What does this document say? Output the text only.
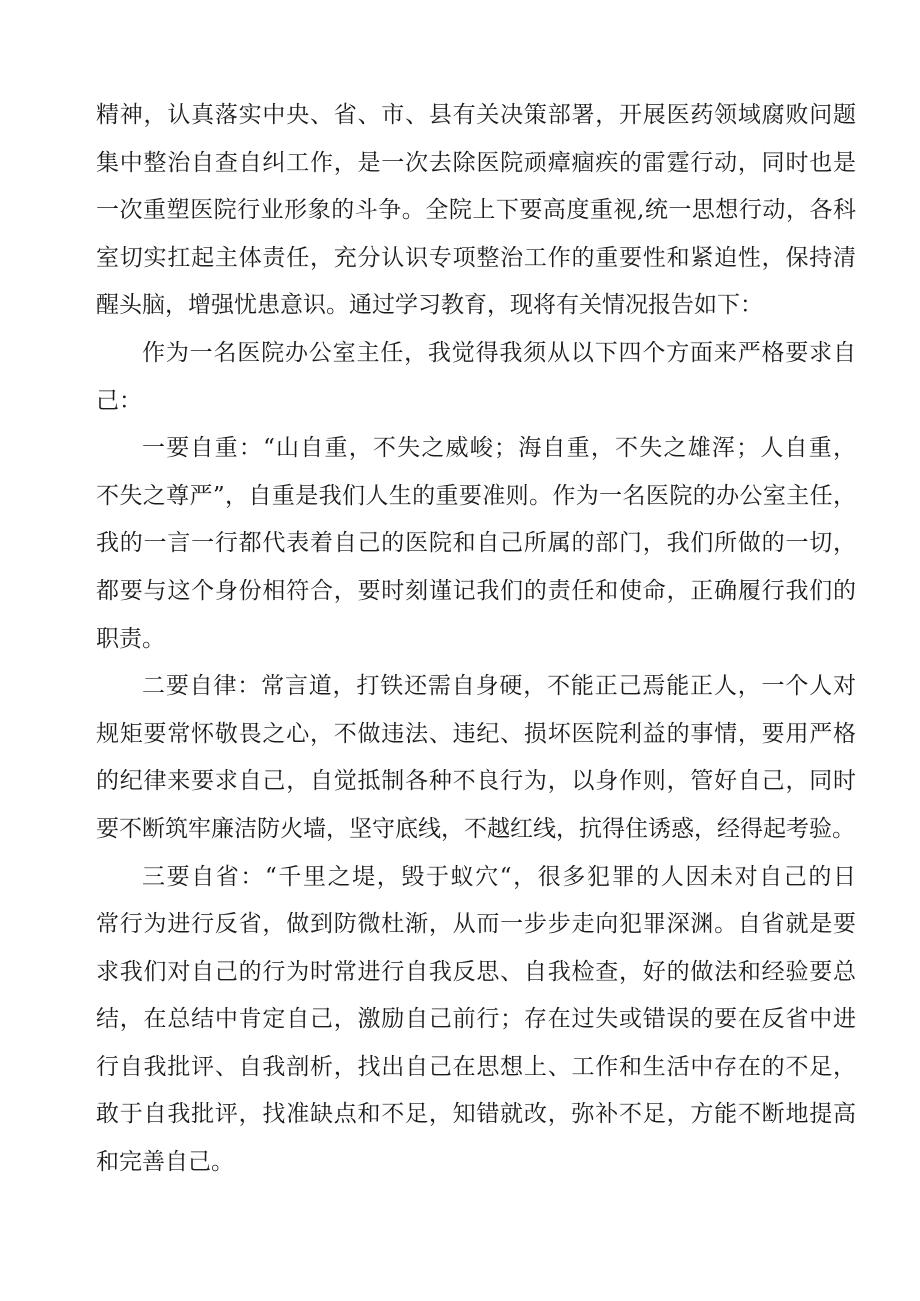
精神，认真落实中央、省、市、县有关决策部署，开展医药领域腐败问题
集中整治自查自纠工作，是一次去除医院顽瘴痼疾的雷霆行动，同时也是
一次重塑医院行业形象的斗争。全院上下要高度重视,统一思想行动，各科
室切实扛起主体责任，充分认识专项整治工作的重要性和紧迫性，保持清
醒头脑，增强忧患意识。通过学习教育，现将有关情况报告如下：
作为一名医院办公室主任，我觉得我须从以下四个方面来严格要求自
己：
一要自重：“山自重，不失之威峻；海自重，不失之雄浑；人自重，
不失之尊严”，自重是我们人生的重要准则。作为一名医院的办公室主任，
我的一言一行都代表着自己的医院和自己所属的部门，我们所做的一切，
都要与这个身份相符合，要时刻谨记我们的责任和使命，正确履行我们的
职责。
二要自律：常言道，打铁还需自身硬，不能正己焉能正人，一个人对
规矩要常怀敬畏之心，不做违法、违纪、损坏医院利益的事情，要用严格
的纪律来要求自己，自觉抵制各种不良行为，以身作则，管好自己，同时
要不断筑牢廉洁防火墙，坚守底线，不越红线，抗得住诱惑，经得起考验。
三要自省：“千里之堤，毁于蚁穴“，很多犯罪的人因未对自己的日
常行为进行反省，做到防微杜渐，从而一步步走向犯罪深渊。自省就是要
求我们对自己的行为时常进行自我反思、自我检查，好的做法和经验要总
结，在总结中肯定自己，激励自己前行；存在过失或错误的要在反省中进
行自我批评、自我剖析，找出自己在思想上、工作和生活中存在的不足，
敢于自我批评，找准缺点和不足，知错就改，弥补不足，方能不断地提高
和完善自己。
